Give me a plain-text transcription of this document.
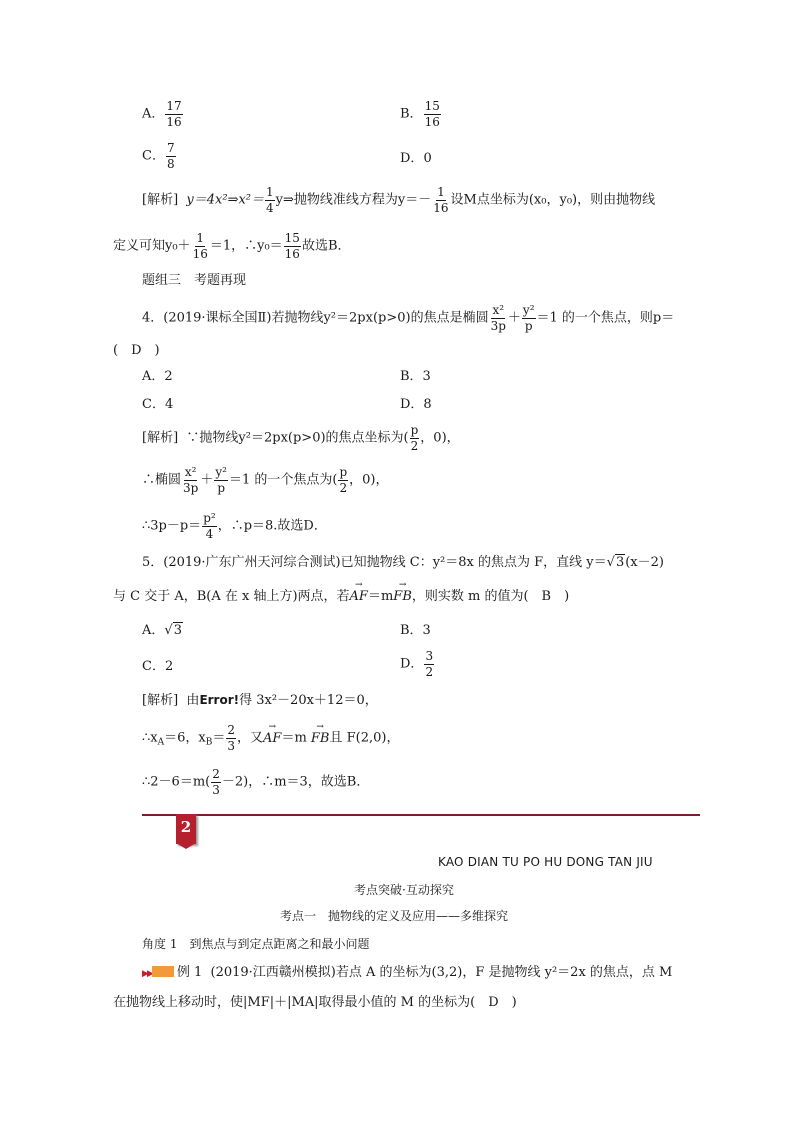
A． $\frac{17}{16}$	B． $\frac{15}{16}$
C． $\frac{7}{8}$	D．0
[解析] y＝4x²⇒x²＝ $\frac{1}{4}$ y⇒抛物线准线方程为$y=- \frac{1}{16}$ 设M点坐标为(x₀，y₀)，则由抛物线
定义可知$y_0+ \frac{1}{16} =1$，∴y₀＝ $\frac{15}{16}$ 故选B．
题组三　考题再现
4．(2019·课标全国Ⅱ)若抛物线y²＝2px(p>0)的焦点是椭圆 $\frac{\text{x²}}{3p} + \frac{\text{y²}}{p} =1$ 的一个焦点，则p＝
(　D　)
A．2	B．3
C．4	D．8
[解析] ∵抛物线y²＝2px(p>0)的焦点坐标为( $\frac{p}{2}$ ，0)，
∴椭圆 $\frac{\text{x²}}{3p} + \frac{\text{y²}}{p} =1$ 的一个焦点为( $\frac{p}{2}$ ，0)，
∴3p－p＝ $\frac{\text{p²}}{4}$ ，∴p＝8.故选D．
5．(2019·广东广州天河综合测试)已知抛物线 C：y²＝8x 的焦点为 F，直线 y＝√3(x－2)
与 C 交于 A，B(A 在 x 轴上方)两点，若→ AF＝m→ FB，则实数 m 的值为(　B　)
A．√3	B．3
C．2	D． $\frac{3}{2}$
[解析] 由Error!得 3x²－20x＋12＝0，
$\therefore x_A=6$，$x_B= \frac{2}{3}$ ，又→ AF＝m → FB且 F(2,0)，
∴2－6＝m( $\frac{2}{3} -2$)，∴m＝3，故选B．
2
KAO DIAN TU PO HU DONG TAN JIU
考点突破·互动探究
考点一　抛物线的定义及应用——多维探究
角度 1　到焦点与到定点距离之和最小问题
▶▶ 例 1 (2019·江西赣州模拟)若点 A 的坐标为(3,2)，F 是抛物线 y²＝2x 的焦点，点 M
在抛物线上移动时，使|MF|＋|MA|取得最小值的 M 的坐标为(　D　)
